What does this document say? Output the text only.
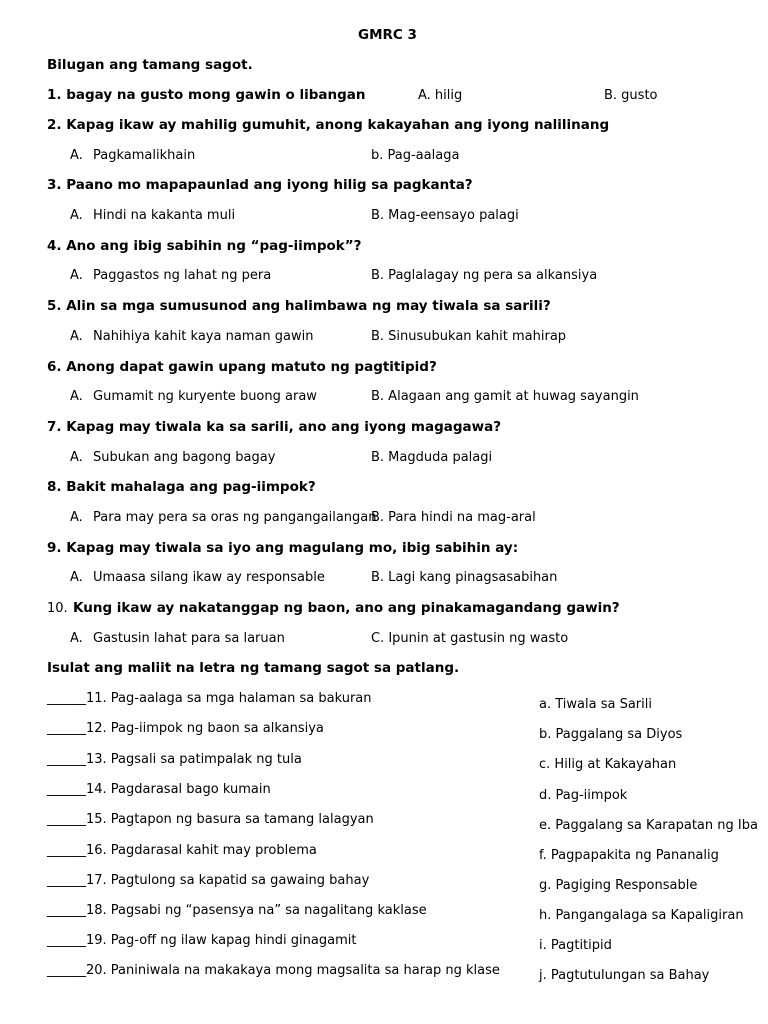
GMRC 3
Bilugan ang tamang sagot.
1. bagay na gusto mong gawin o libangan	A. hilig	B. gusto
2. Kapag ikaw ay mahilig gumuhit, anong kakayahan ang iyong nalilinang
A. Pagkamalikhain	b. Pag-aalaga
3. Paano mo mapapaunlad ang iyong hilig sa pagkanta?
A. Hindi na kakanta muli	B. Mag-eensayo palagi
4. Ano ang ibig sabihin ng “pag-iimpok”?
A. Paggastos ng lahat ng pera	B. Paglalagay ng pera sa alkansiya
5. Alin sa mga sumusunod ang halimbawa ng may tiwala sa sarili?
A. Nahihiya kahit kaya naman gawin	B. Sinusubukan kahit mahirap
6. Anong dapat gawin upang matuto ng pagtitipid?
A. Gumamit ng kuryente buong araw	B. Alagaan ang gamit at huwag sayangin
7. Kapag may tiwala ka sa sarili, ano ang iyong magagawa?
A. Subukan ang bagong bagay	B. Magduda palagi
8. Bakit mahalaga ang pag-iimpok?
A. Para may pera sa oras ng pangangailangan
B. Para hindi na mag-aral
9. Kapag may tiwala sa iyo ang magulang mo, ibig sabihin ay:
A. Umaasa silang ikaw ay responsable	B. Lagi kang pinagsasabihan
10. Kung ikaw ay nakatanggap ng baon, ano ang pinakamagandang gawin?
A. Gastusin lahat para sa laruan	C. Ipunin at gastusin ng wasto
Isulat ang maliit na letra ng tamang sagot sa patlang.
______11. Pag-aalaga sa mga halaman sa bakuran
______12. Pag-iimpok ng baon sa alkansiya
______13. Pagsali sa patimpalak ng tula
______14. Pagdarasal bago kumain
______15. Pagtapon ng basura sa tamang lalagyan
______16. Pagdarasal kahit may problema
______17. Pagtulong sa kapatid sa gawaing bahay
______18. Pagsabi ng “pasensya na” sa nagalitang kaklase
______19. Pag-off ng ilaw kapag hindi ginagamit
______20. Paniniwala na makakaya mong magsalita sa harap ng klase
a. Tiwala sa Sarili
b. Paggalang sa Diyos
c. Hilig at Kakayahan
d. Pag-iimpok
e. Paggalang sa Karapatan ng Iba
f. Pagpapakita ng Pananalig
g. Pagiging Responsable
h. Pangangalaga sa Kapaligiran
i. Pagtitipid
j. Pagtutulungan sa Bahay
